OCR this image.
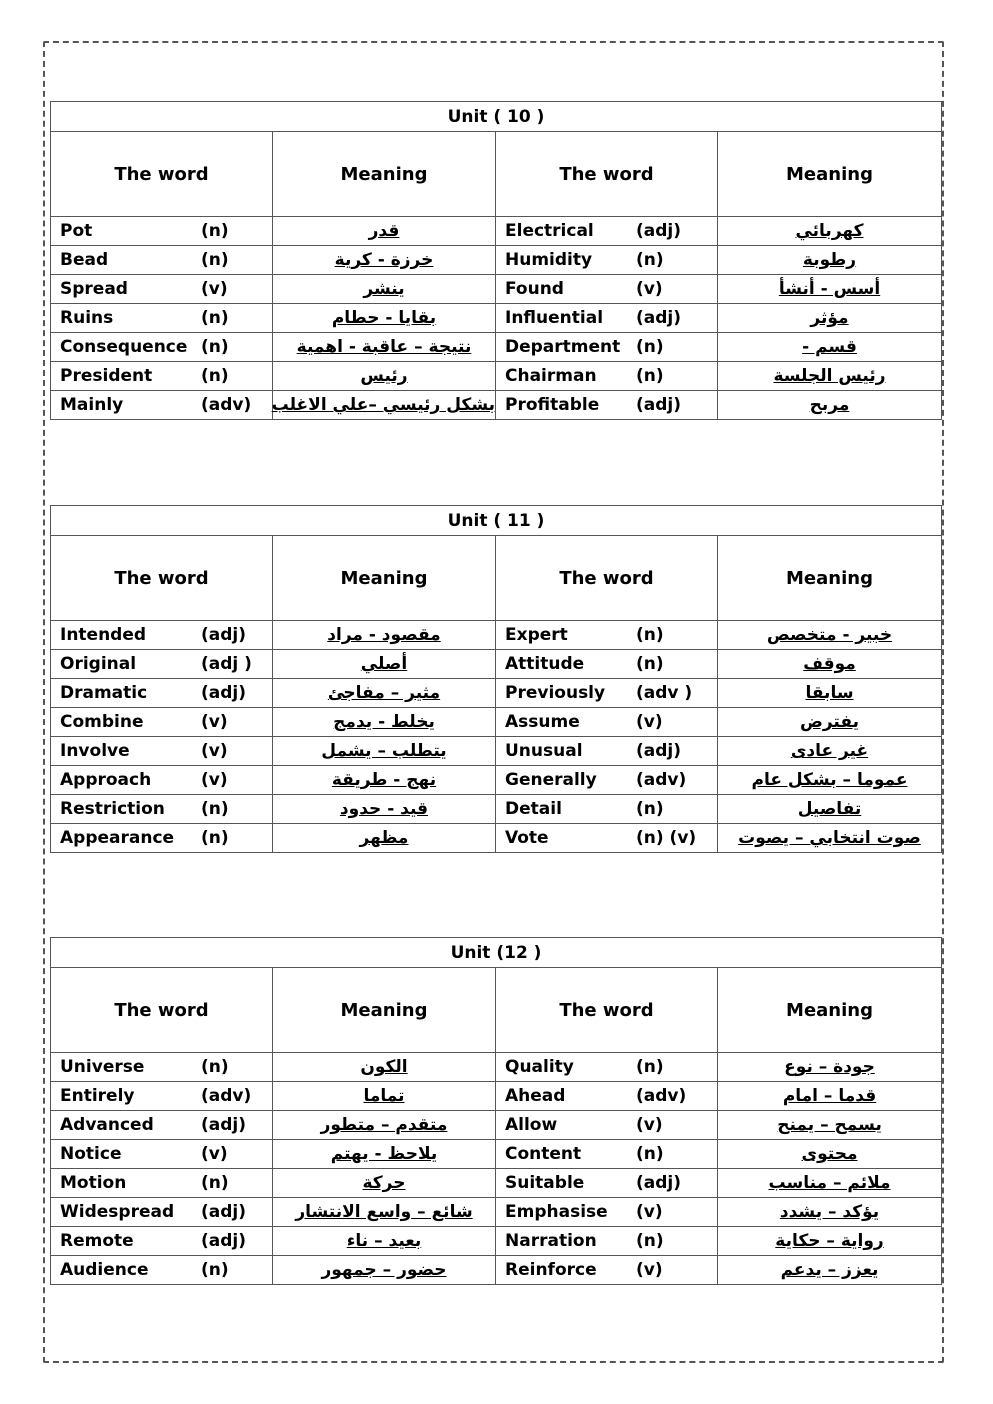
Unit ( 10 )			
The word	Meaning	The word	Meaning

Pot (n)	قدر	Electrical (adj)	كهربائي

Bead (n)	خرزة - كرية	Humidity (n)	رطوبة

Spread (v)	ينشر	Found (v)	أسس - أنشأ

Ruins (n)	بقايا - حطام	Influential (adj)	مؤثر

Consequence (n)	نتيجة – عاقبة - اهمية	Department (n)	قسم -

President (n)	رئيس	Chairman (n)	رئيس الجلسة

Mainly (adv)	بشكل رئيسي –علي الاغلب	Profitable (adj)	مربح
Unit ( 11 )			
The word	Meaning	The word	Meaning

Intended (adj)	مقصود - مراد	Expert (n)	خبير - متخصص

Original (adj )	أصلي	Attitude (n)	موقف

Dramatic (adj)	مثير – مفاجئ	Previously (adv )	سابقا

Combine (v)	يخلط - يدمج	Assume (v)	يفترض

Involve (v)	يتطلب – يشمل	Unusual (adj)	غير عادى

Approach (v)	نهج - طريقة	Generally (adv)	عموما – بشكل عام

Restriction (n)	قيد - حدود	Detail (n)	تفاصيل

Appearance (n)	مظهر	Vote (n) (v)	صوت انتخابي – يصوت
Unit (12 )			
The word	Meaning	The word	Meaning

Universe (n)	الكون	Quality (n)	جودة – نوع

Entirely (adv)	تماما	Ahead (adv)	قدما – امام

Advanced (adj)	متقدم – متطور	Allow (v)	يسمح – يمنح

Notice (v)	يلاحظ - يهتم	Content (n)	محتوى

Motion (n)	حركة	Suitable (adj)	ملائم – مناسب

Widespread (adj)	شائع – واسع الانتشار	Emphasise (v)	يؤكد – يشدد

Remote (adj)	بعيد – ناء	Narration (n)	رواية – حكاية

Audience (n)	حضور – جمهور	Reinforce (v)	يعزز – يدعم
